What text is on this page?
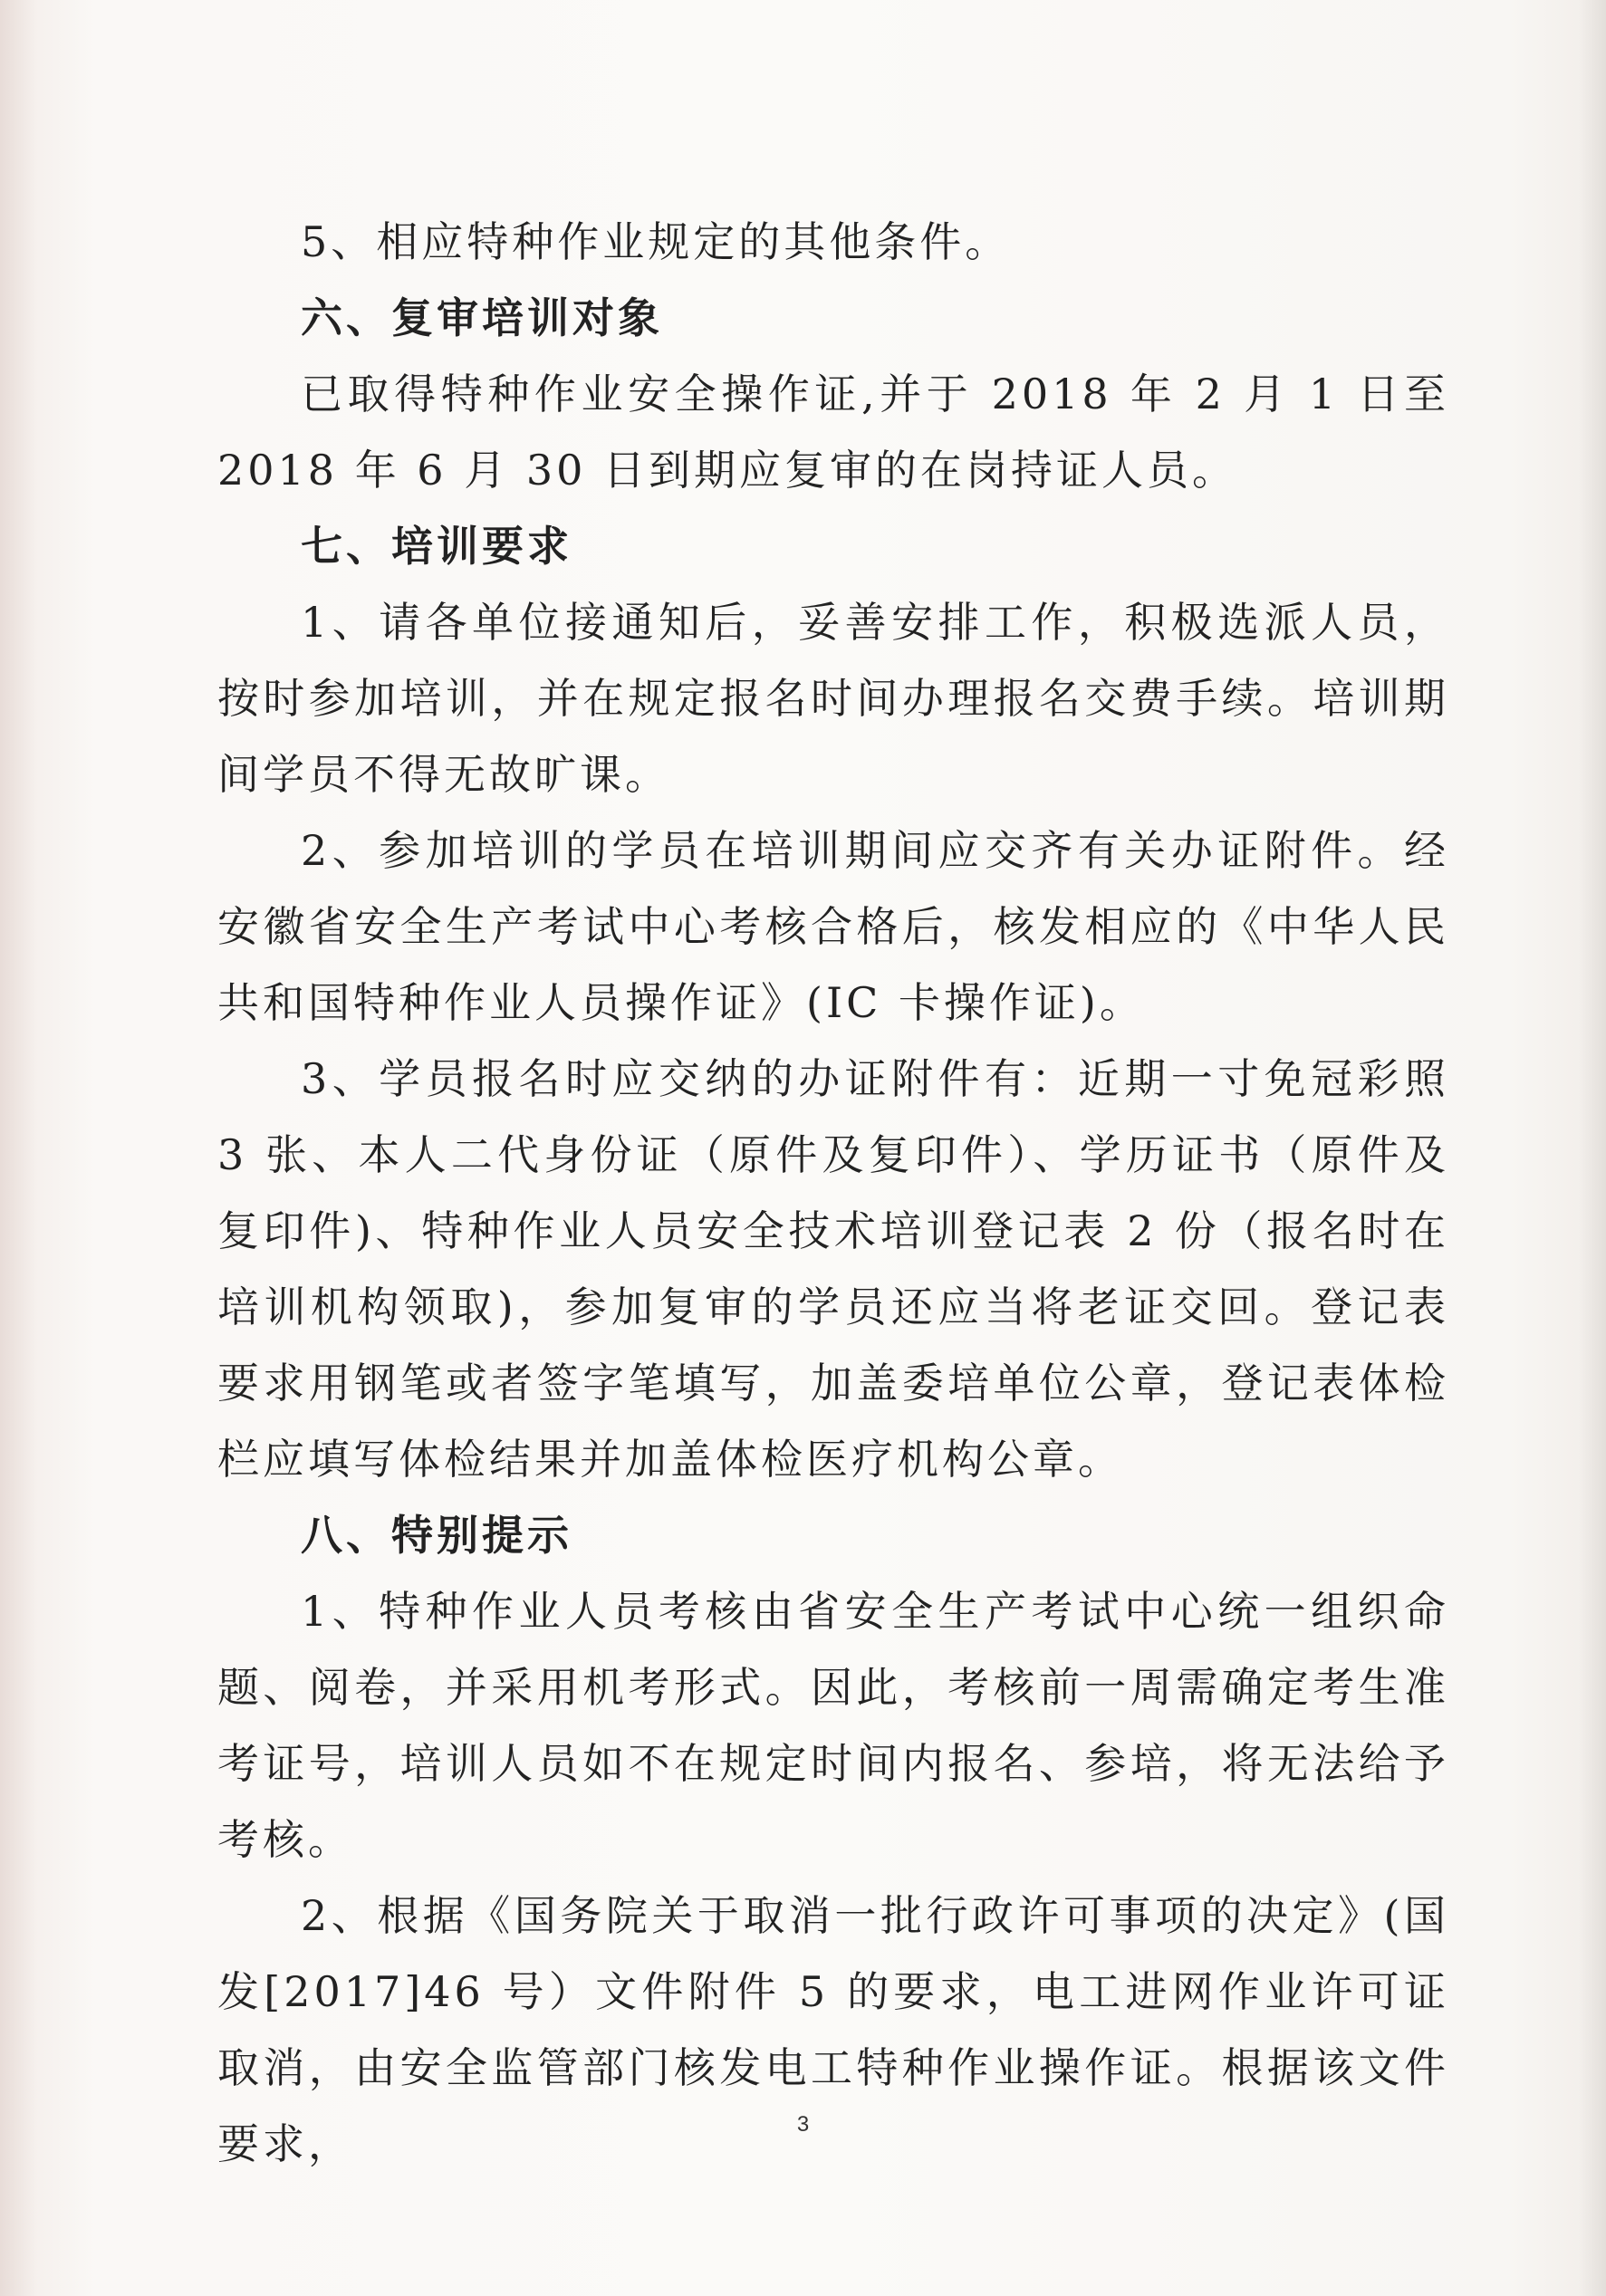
5、相应特种作业规定的其他条件。

六、复审培训对象

已取得特种作业安全操作证,并于 2018 年 2 月 1 日至 2018 年 6 月 30 日到期应复审的在岗持证人员。

七、培训要求

1、请各单位接通知后，妥善安排工作，积极选派人员，按时参加培训，并在规定报名时间办理报名交费手续。培训期间学员不得无故旷课。

2、参加培训的学员在培训期间应交齐有关办证附件。经安徽省安全生产考试中心考核合格后，核发相应的《中华人民共和国特种作业人员操作证》(IC 卡操作证)。

3、学员报名时应交纳的办证附件有：近期一寸免冠彩照 3 张、本人二代身份证（原件及复印件）、学历证书（原件及复印件)、特种作业人员安全技术培训登记表 2 份（报名时在培训机构领取)，参加复审的学员还应当将老证交回。登记表要求用钢笔或者签字笔填写，加盖委培单位公章，登记表体检栏应填写体检结果并加盖体检医疗机构公章。

八、特别提示

1、特种作业人员考核由省安全生产考试中心统一组织命题、阅卷，并采用机考形式。因此，考核前一周需确定考生准考证号，培训人员如不在规定时间内报名、参培，将无法给予考核。

2、根据《国务院关于取消一批行政许可事项的决定》(国发[2017]46 号）文件附件 5 的要求，电工进网作业许可证取消，由安全监管部门核发电工特种作业操作证。根据该文件要求，	3
